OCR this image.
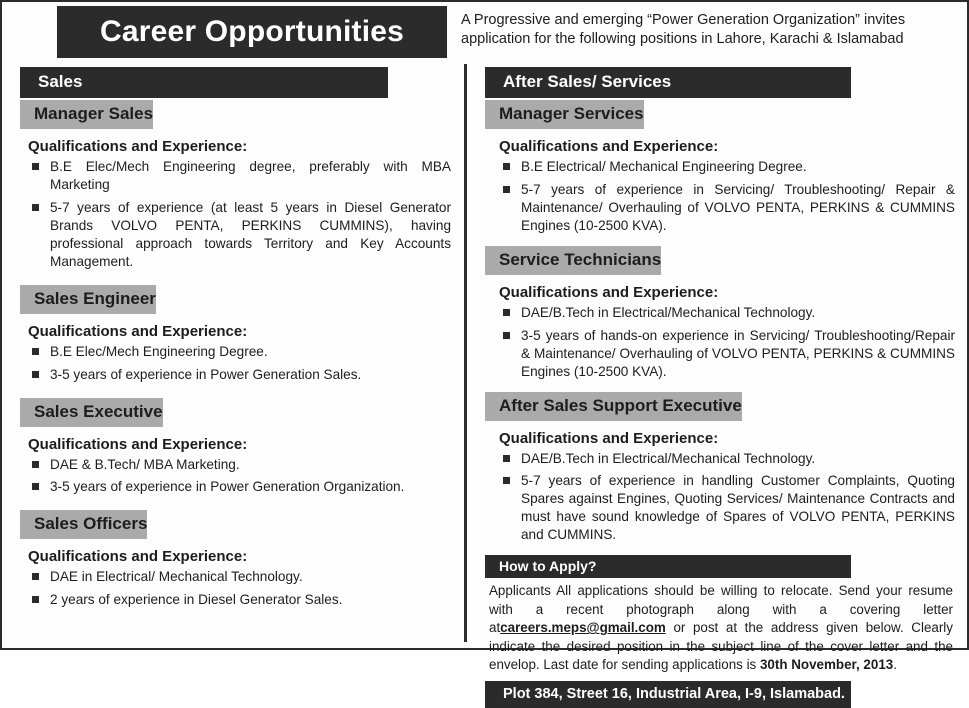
Career Opportunities	A Progressive and emerging “Power Generation Organization” invites

application for the following positions in Lahore, Karachi & Islamabad

Sales
Manager Sales
Qualifications and Experience:
B.E Elec/Mech Engineering degree, preferably with MBA Marketing
5-7 years of experience (at least 5 years in Diesel Generator Brands VOLVO PENTA, PERKINS CUMMINS), having professional approach towards Territory and Key Accounts Management.
Sales Engineer
Qualifications and Experience:
B.E Elec/Mech Engineering Degree.
3-5 years of experience in Power Generation Sales.
Sales Executive
Qualifications and Experience:
DAE & B.Tech/ MBA Marketing.
3-5 years of experience in Power Generation Organization.
Sales Officers
Qualifications and Experience:
DAE in Electrical/ Mechanical Technology.
2 years of experience in Diesel Generator Sales.
After Sales/ Services
Manager Services
Qualifications and Experience:
B.E Electrical/ Mechanical Engineering Degree.
5-7 years of experience in Servicing/ Troubleshooting/ Repair & Maintenance/ Overhauling of VOLVO PENTA, PERKINS & CUMMINS Engines (10-2500 KVA).
Service Technicians
Qualifications and Experience:
DAE/B.Tech in Electrical/Mechanical Technology.
3-5 years of hands-on experience in Servicing/ Troubleshooting/Repair & Maintenance/ Overhauling of VOLVO PENTA, PERKINS & CUMMINS Engines (10-2500 KVA).
After Sales Support Executive
Qualifications and Experience:
DAE/B.Tech in Electrical/Mechanical Technology.
5-7 years of experience in handling Customer Complaints, Quoting Spares against Engines, Quoting Services/ Maintenance Contracts and must have sound knowledge of Spares of VOLVO PENTA, PERKINS and CUMMINS.
How to Apply?

Applicants All applications should be willing to relocate. Send your resume with a recent photograph along with a covering letter atcareers.meps@gmail.com or post at the address given below. Clearly indicate the desired position in the subject line of the cover letter and the envelop. Last date for sending applications is 30th November, 2013.

Plot 384, Street 16, Industrial Area, I-9, Islamabad.
